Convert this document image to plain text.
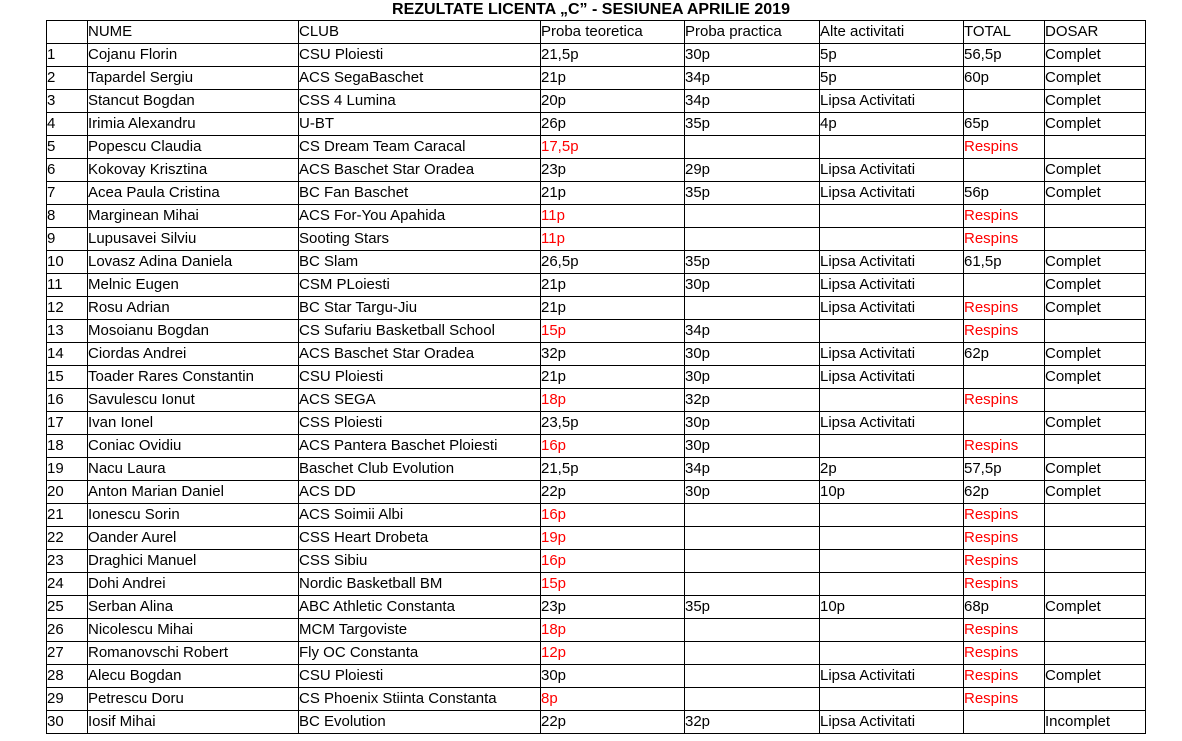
REZULTATE LICENTA „C” - SESIUNEA APRILIE 2019
	NUME	CLUB	Proba teoretica	Proba practica	Alte activitati	TOTAL	DOSAR
1	Cojanu Florin	CSU Ploiesti	21,5p	30p	5p	56,5p	Complet
2	Tapardel Sergiu	ACS SegaBaschet	21p	34p	5p	60p	Complet
3	Stancut Bogdan	CSS 4 Lumina	20p	34p	Lipsa Activitati		Complet
4	Irimia Alexandru	U-BT	26p	35p	4p	65p	Complet
5	Popescu Claudia	CS Dream Team Caracal	17,5p			Respins	
6	Kokovay Krisztina	ACS Baschet Star Oradea	23p	29p	Lipsa Activitati		Complet
7	Acea Paula Cristina	BC Fan Baschet	21p	35p	Lipsa Activitati	56p	Complet
8	Marginean Mihai	ACS For-You Apahida	11p			Respins	
9	Lupusavei Silviu	Sooting Stars	11p			Respins	
10	Lovasz Adina Daniela	BC Slam	26,5p	35p	Lipsa Activitati	61,5p	Complet
11	Melnic Eugen	CSM PLoiesti	21p	30p	Lipsa Activitati		Complet
12	Rosu Adrian	BC Star Targu-Jiu	21p		Lipsa Activitati	Respins	Complet
13	Mosoianu Bogdan	CS Sufariu Basketball School	15p	34p		Respins	
14	Ciordas Andrei	ACS Baschet Star Oradea	32p	30p	Lipsa Activitati	62p	Complet
15	Toader Rares Constantin	CSU Ploiesti	21p	30p	Lipsa Activitati		Complet
16	Savulescu Ionut	ACS SEGA	18p	32p		Respins	
17	Ivan Ionel	CSS Ploiesti	23,5p	30p	Lipsa Activitati		Complet
18	Coniac Ovidiu	ACS Pantera Baschet Ploiesti	16p	30p		Respins	
19	Nacu Laura	Baschet Club Evolution	21,5p	34p	2p	57,5p	Complet
20	Anton Marian Daniel	ACS DD	22p	30p	10p	62p	Complet
21	Ionescu Sorin	ACS Soimii Albi	16p			Respins	
22	Oander Aurel	CSS Heart Drobeta	19p			Respins	
23	Draghici Manuel	CSS Sibiu	16p			Respins	
24	Dohi Andrei	Nordic Basketball BM	15p			Respins	
25	Serban Alina	ABC Athletic Constanta	23p	35p	10p	68p	Complet
26	Nicolescu Mihai	MCM Targoviste	18p			Respins	
27	Romanovschi Robert	Fly OC Constanta	12p			Respins	
28	Alecu Bogdan	CSU Ploiesti	30p		Lipsa Activitati	Respins	Complet
29	Petrescu Doru	CS Phoenix Stiinta Constanta	8p			Respins	
30	Iosif Mihai	BC Evolution	22p	32p	Lipsa Activitati		Incomplet
